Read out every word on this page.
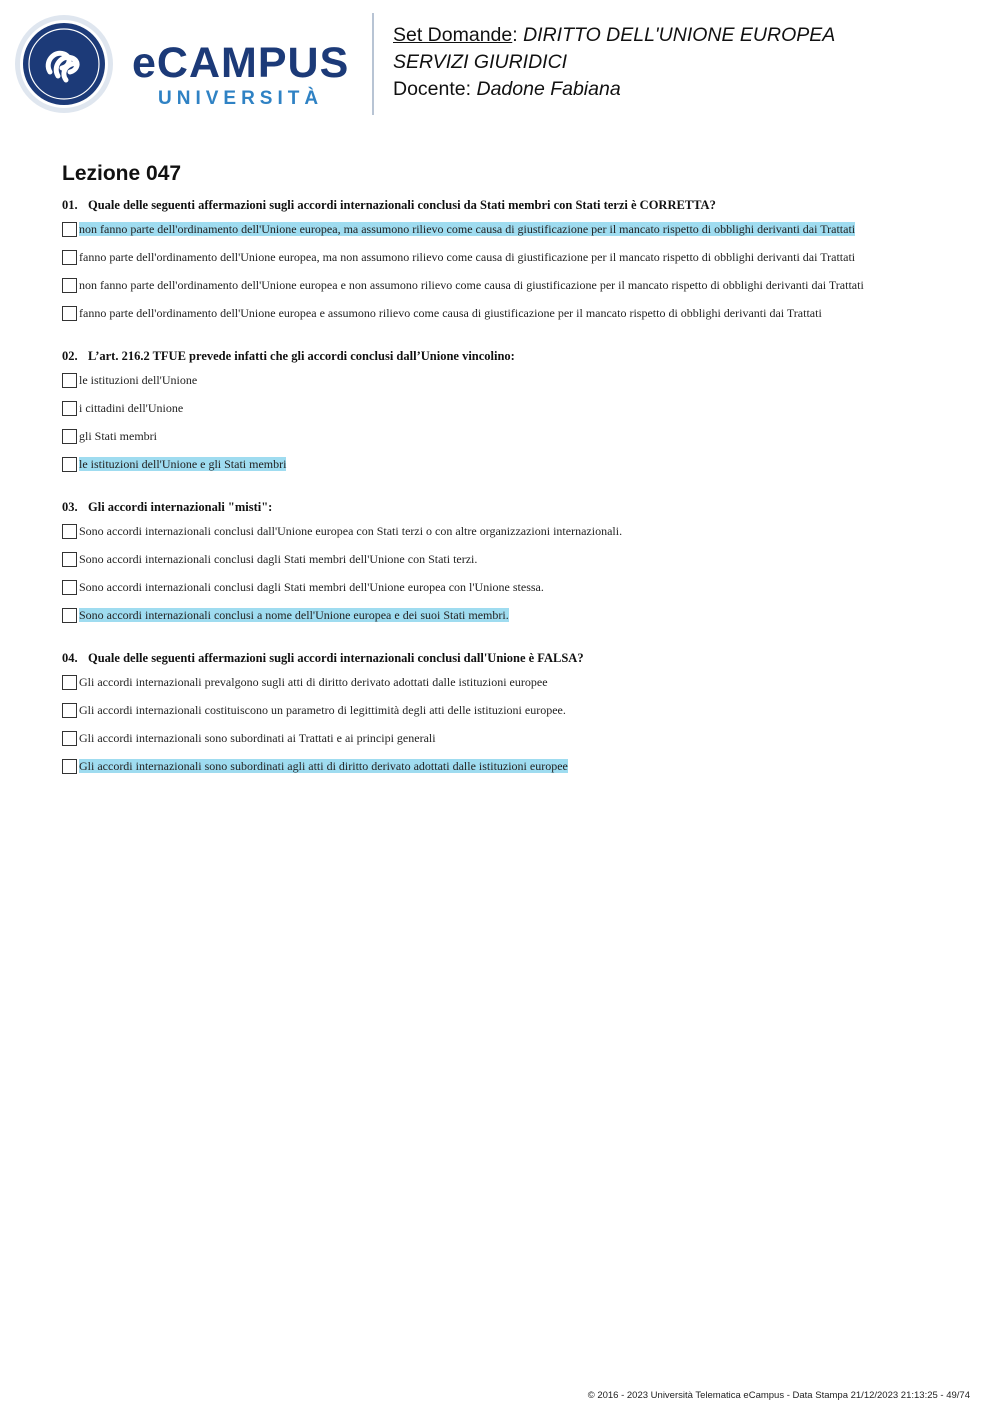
eCAMPUS
UNIVERSITÀ
Set Domande: DIRITTO DELL'UNIONE EUROPEA
SERVIZI GIURIDICI
Docente: Dadone Fabiana
Lezione 047
01. Quale delle seguenti affermazioni sugli accordi internazionali conclusi da Stati membri con Stati terzi è CORRETTA?
non fanno parte dell'ordinamento dell'Unione europea, ma assumono rilievo come causa di giustificazione per il mancato rispetto di obblighi derivanti dai Trattati
fanno parte dell'ordinamento dell'Unione europea, ma non assumono rilievo come causa di giustificazione per il mancato rispetto di obblighi derivanti dai Trattati
non fanno parte dell'ordinamento dell'Unione europea e non assumono rilievo come causa di giustificazione per il mancato rispetto di obblighi derivanti dai Trattati
fanno parte dell'ordinamento dell'Unione europea e assumono rilievo come causa di giustificazione per il mancato rispetto di obblighi derivanti dai Trattati
02. L’art. 216.2 TFUE prevede infatti che gli accordi conclusi dall’Unione vincolino:
le istituzioni dell'Unione
i cittadini dell'Unione
gli Stati membri
le istituzioni dell'Unione e gli Stati membri
03. Gli accordi internazionali "misti":
Sono accordi internazionali conclusi dall'Unione europea con Stati terzi o con altre organizzazioni internazionali.
Sono accordi internazionali conclusi dagli Stati membri dell'Unione con Stati terzi.
Sono accordi internazionali conclusi dagli Stati membri dell'Unione europea con l'Unione stessa.
Sono accordi internazionali conclusi a nome dell'Unione europea e dei suoi Stati membri.
04. Quale delle seguenti affermazioni sugli accordi internazionali conclusi dall'Unione è FALSA?
Gli accordi internazionali prevalgono sugli atti di diritto derivato adottati dalle istituzioni europee
Gli accordi internazionali costituiscono un parametro di legittimità degli atti delle istituzioni europee.
Gli accordi internazionali sono subordinati ai Trattati e ai principi generali
Gli accordi internazionali sono subordinati agli atti di diritto derivato adottati dalle istituzioni europee
© 2016 - 2023 Università Telematica eCampus - Data Stampa 21/12/2023 21:13:25 - 49/74
